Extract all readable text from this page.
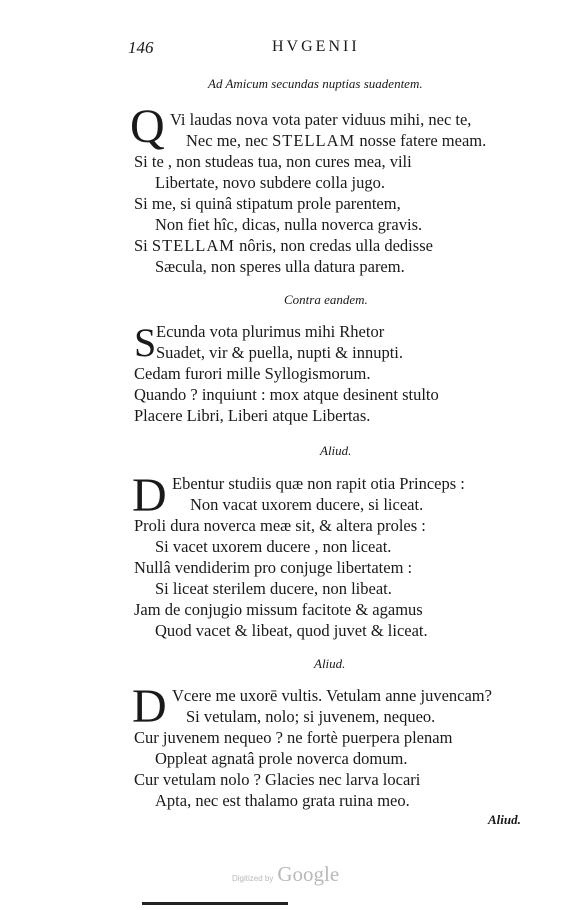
146	HVGENII
Ad Amicum secundas nuptias suadentem.
Q Vi laudas nova vota pater viduus mihi, nec te,
Nec me, nec STELLAM nosse fatere meam.
Si te , non studeas tua, non cures mea, vili
Libertate, novo subdere colla jugo.
Si me, si quinâ stipatum prole parentem,
Non fiet hîc, dicas, nulla noverca gravis.
Si STELLAM nôris, non credas ulla dedisse
Sæcula, non speres ulla datura parem.
Contra eandem.
S Ecunda vota plurimus mihi Rhetor
Suadet, vir & puella, nupti & innupti.
Cedam furori mille Syllogismorum.
Quando ? inquiunt : mox atque desinent stulto
Placere Libri, Liberi atque Libertas.
Aliud.
D Ebentur studiis quæ non rapit otia Princeps :
Non vacat uxorem ducere, si liceat.
Proli dura noverca meæ sit, & altera proles :
Si vacet uxorem ducere , non liceat.
Nullâ vendiderim pro conjuge libertatem :
Si liceat sterilem ducere, non libeat.
Jam de conjugio missum facitote & agamus
Quod vacet & libeat, quod juvet & liceat.
Aliud.
D Vcere me uxorē vultis. Vetulam anne juvencam?
Si vetulam, nolo; si juvenem, nequeo.
Cur juvenem nequeo ? ne fortè puerpera plenam
Oppleat agnatâ prole noverca domum.
Cur vetulam nolo ? Glacies nec larva locari
Apta, nec est thalamo grata ruina meo.
Aliud.
Digitized by Google
